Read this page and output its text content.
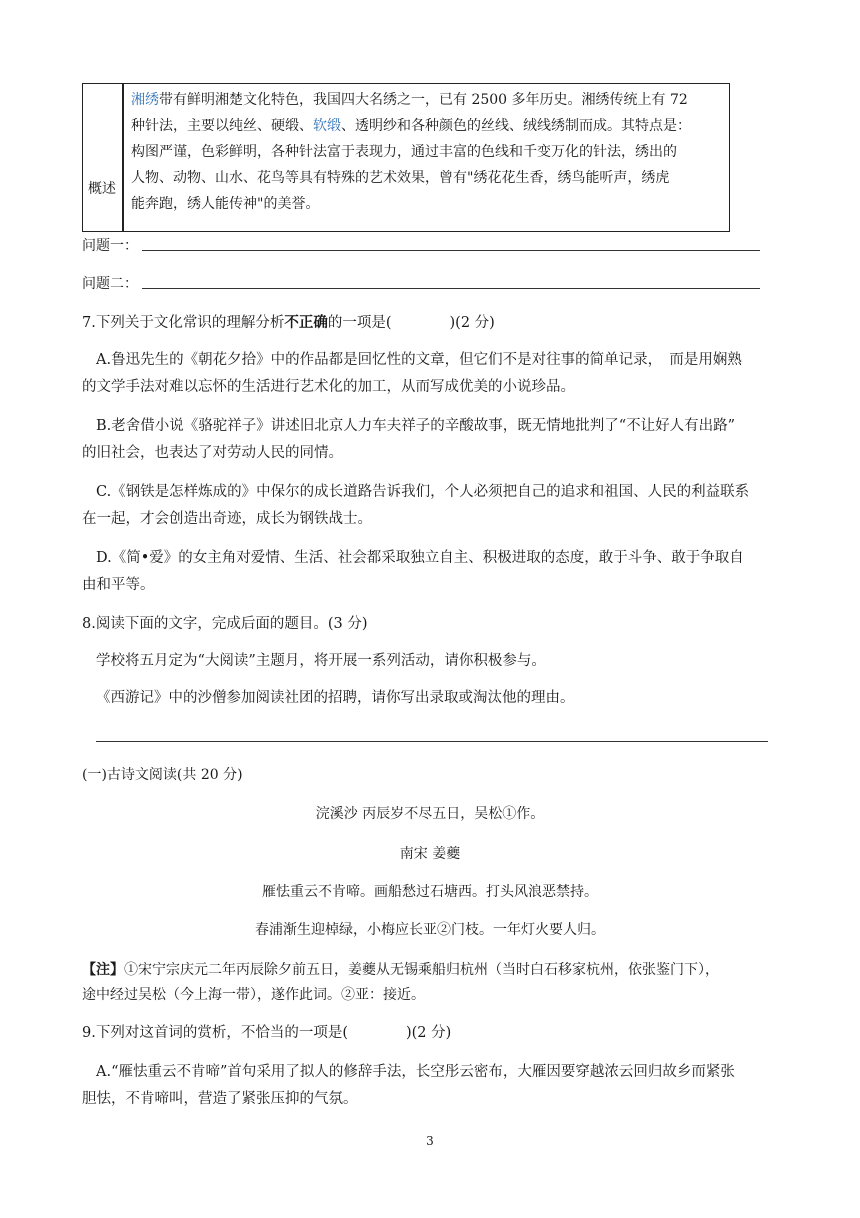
概述
湘绣带有鲜明湘楚文化特色，我国四大名绣之一，已有 2500 多年历史。湘绣传统上有 72
种针法，主要以纯丝、硬缎、软缎、透明纱和各种颜色的丝线、绒线绣制而成。其特点是：
构图严谨，色彩鲜明，各种针法富于表现力，通过丰富的色线和千变万化的针法，绣出的
人物、动物、山水、花鸟等具有特殊的艺术效果，曾有"绣花花生香，绣鸟能听声，绣虎
能奔跑，绣人能传神"的美誉。
问题一：
问题二：
7.下列关于文化常识的理解分析不正确的一项是(　　　　)(2 分)
A.鲁迅先生的《朝花夕拾》中的作品都是回忆性的文章，但它们不是对往事的简单记录，　而是用娴熟
的文学手法对难以忘怀的生活进行艺术化的加工，从而写成优美的小说珍品。
B.老舍借小说《骆驼祥子》讲述旧北京人力车夫祥子的辛酸故事，既无情地批判了“不让好人有出路”
的旧社会，也表达了对劳动人民的同情。
C.《钢铁是怎样炼成的》中保尔的成长道路告诉我们，个人必须把自己的追求和祖国、人民的利益联系
在一起，才会创造出奇迹，成长为钢铁战士。
D.《简•爱》的女主角对爱情、生活、社会都采取独立自主、积极进取的态度，敢于斗争、敢于争取自
由和平等。
8.阅读下面的文字，完成后面的题目。(3 分)
学校将五月定为“大阅读”主题月，将开展一系列活动，请你积极参与。
《西游记》中的沙僧参加阅读社团的招聘，请你写出录取或淘汰他的理由。
(一)古诗文阅读(共 20 分)
浣溪沙 丙辰岁不尽五日，吴松①作。
南宋 姜夔
雁怯重云不肯啼。画船愁过石塘西。打头风浪恶禁持。
春浦渐生迎棹绿，小梅应长亚②门枝。一年灯火要人归。
【注】①宋宁宗庆元二年丙辰除夕前五日，姜夔从无锡乘船归杭州（当时白石移家杭州，依张鉴门下），
途中经过吴松（今上海一带），遂作此词。②亚：接近。
9.下列对这首词的赏析，不恰当的一项是(　　　　)(2 分)
A.“雁怯重云不肯啼”首句采用了拟人的修辞手法，长空彤云密布，大雁因要穿越浓云回归故乡而紧张
胆怯，不肯啼叫，营造了紧张压抑的气氛。
3
